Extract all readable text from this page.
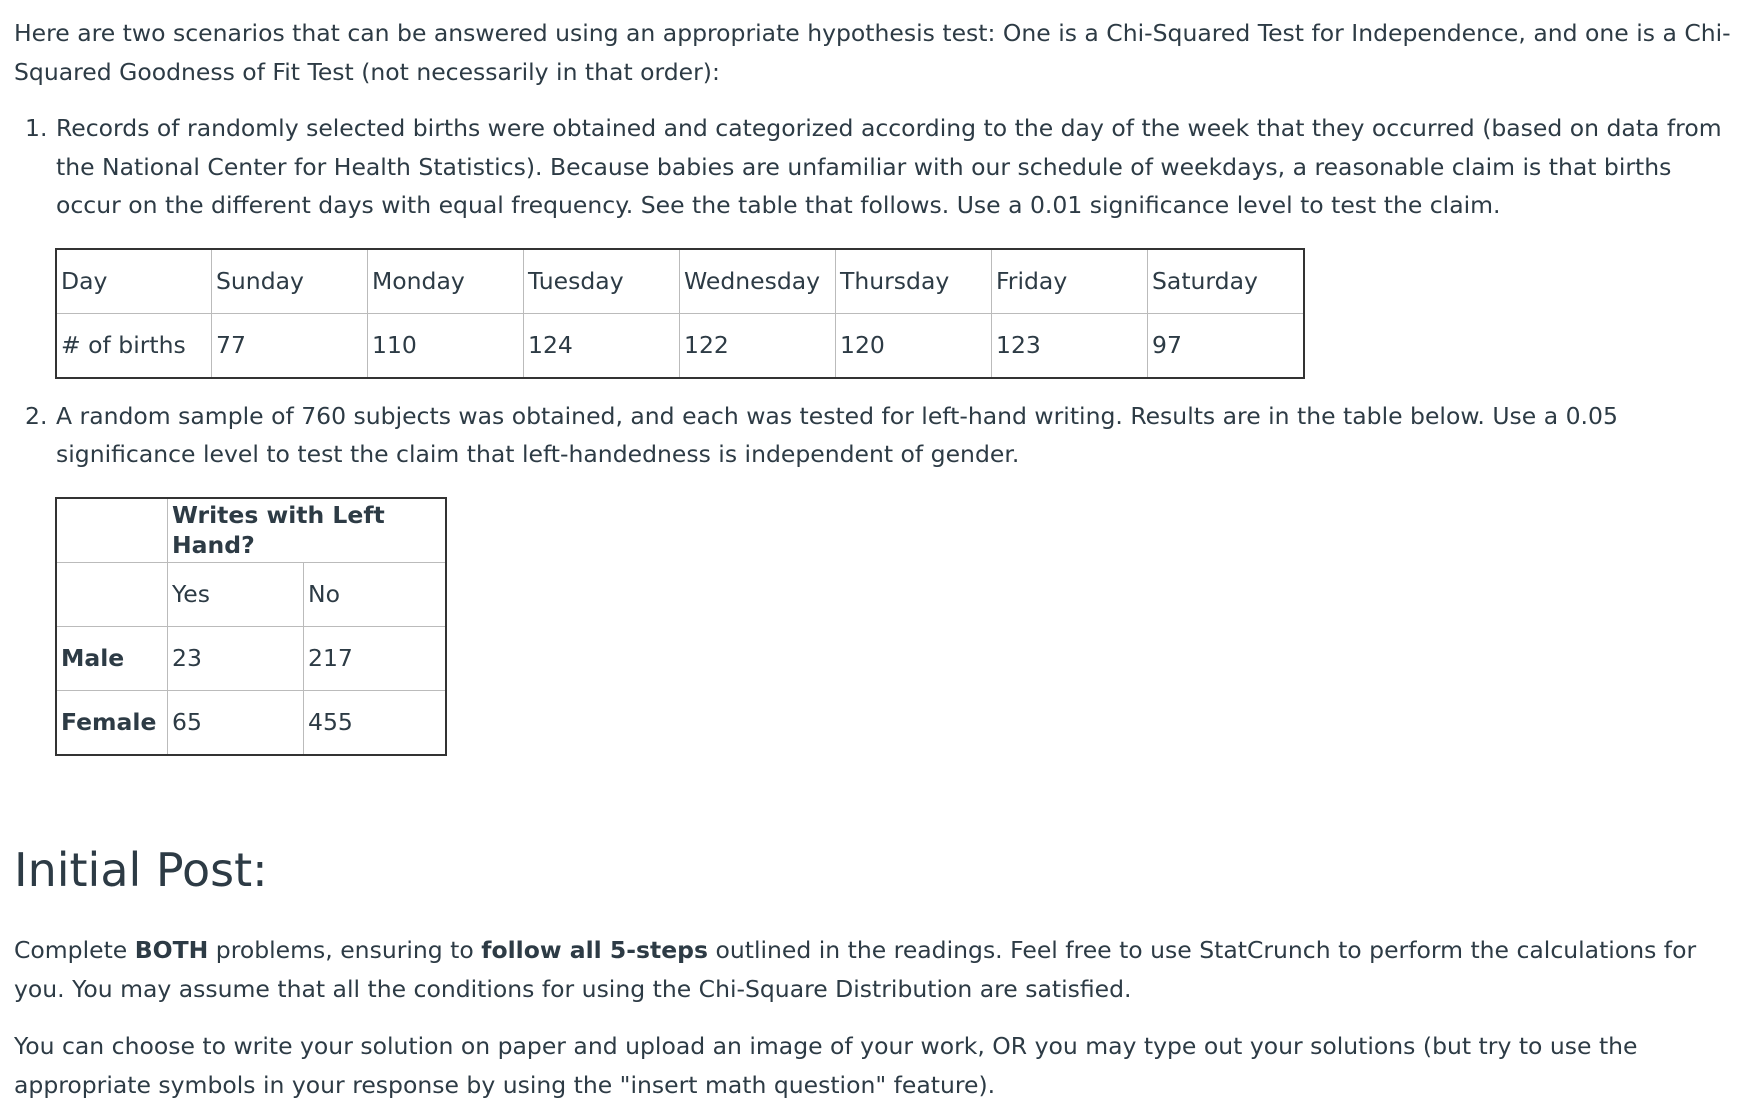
Here are two scenarios that can be answered using an appropriate hypothesis test: One is a Chi-Squared Test for Independence, and one is a Chi-Squared Goodness of Fit Test (not necessarily in that order):

1. Records of randomly selected births were obtained and categorized according to the day of the week that they occurred (based on data from the National Center for Health Statistics). Because babies are unfamiliar with our schedule of weekdays, a reasonable claim is that births occur on the different days with equal frequency. See the table that follows. Use a 0.01 significance level to test the claim.

Day	Sunday	Monday	Tuesday	Wednesday	Thursday	Friday	Saturday
# of births	77	110	124	122	120	123	97
2. A random sample of 760 subjects was obtained, and each was tested for left-hand writing. Results are in the table below. Use a 0.05 significance level to test the claim that left-handedness is independent of gender.

	Writes with Left Hand?	
	Yes	No
Male	23	217
Female	65	455
Initial Post:

Complete BOTH problems, ensuring to follow all 5-steps outlined in the readings. Feel free to use StatCrunch to perform the calculations for you. You may assume that all the conditions for using the Chi-Square Distribution are satisfied.

You can choose to write your solution on paper and upload an image of your work, OR you may type out your solutions (but try to use the appropriate symbols in your response by using the "insert math question" feature).
